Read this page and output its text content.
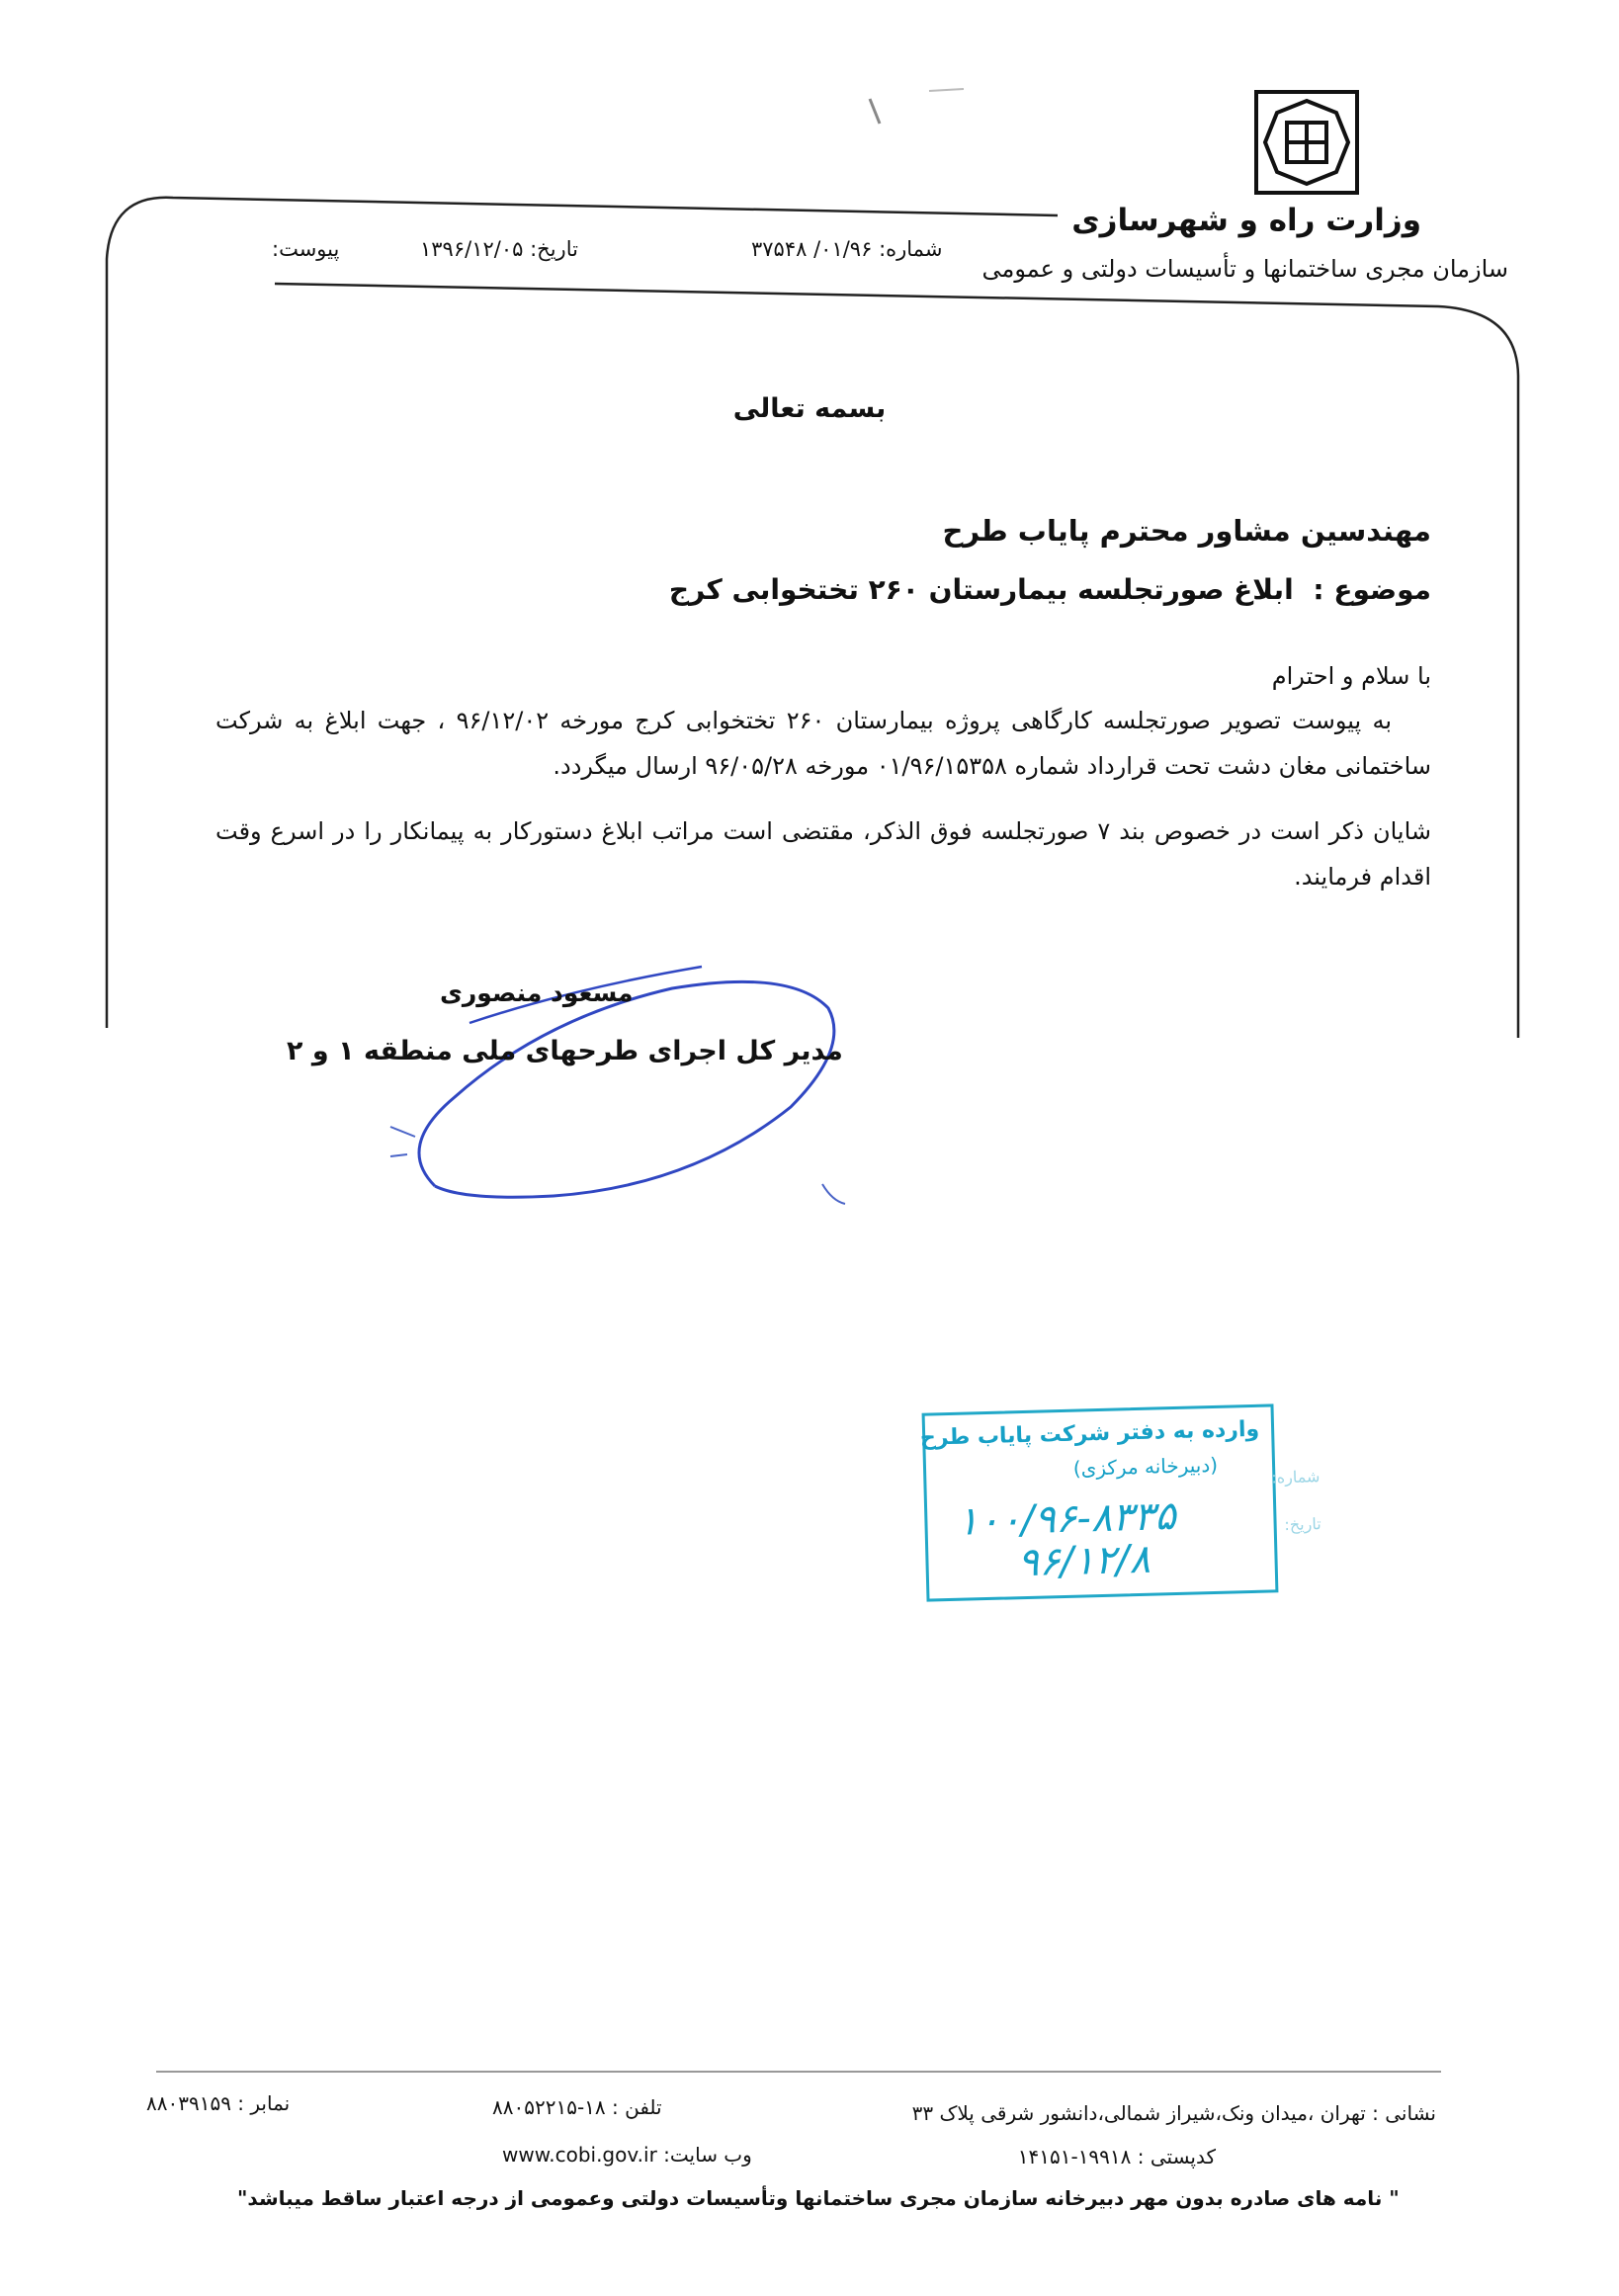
وزارت راه و شهرسازی
سازمان مجری ساختمانها و تأسیسات دولتی و عمومی
شماره: ۰۱/۹۶/ ۳۷۵۴۸
تاریخ: ۱۳۹۶/۱۲/۰۵
پیوست:
بسمه تعالی
مهندسین مشاور محترم پایاب طرح
موضوع : ابلاغ صورتجلسه بیمارستان ۲۶۰ تختخوابی کرج
با سلام و احترام
به پیوست تصویر صورتجلسه کارگاهی پروژه بیمارستان ۲۶۰ تختخوابی کرج مورخه ۹۶/۱۲/۰۲ ، جهت ابلاغ به شرکت ساختمانی مغان دشت تحت قرارداد شماره ۰۱/۹۶/۱۵۳۵۸ مورخه ۹۶/۰۵/۲۸ ارسال میگردد.
شایان ذکر است در خصوص بند ۷ صورتجلسه فوق الذکر، مقتضی است مراتب ابلاغ دستورکار به پیمانکار را در اسرع وقت اقدام فرمایند.
مسعود منصوری
مدیر کل اجرای طرحهای ملی منطقه ۱ و ۲
وارده به دفتر شرکت پایاب طرح
(دبیرخانه مرکزی)
۱۰۰/۹۶-۸۳۳۵
۹۶/۱۲/۸
شماره:
تاریخ:
نشانی : تهران ،میدان ونک،شیراز شمالی،دانشور شرقی پلاک ۳۳
تلفن : ۱۸-۸۸۰۵۲۲۱۵
نمابر : ۸۸۰۳۹۱۵۹
کدپستی : ۱۹۹۱۸-۱۴۱۵۱
وب سایت: www.cobi.gov.ir
" نامه های صادره بدون مهر دبیرخانه سازمان مجری ساختمانها وتأسیسات دولتی وعمومی از درجه اعتبار ساقط میباشد"
